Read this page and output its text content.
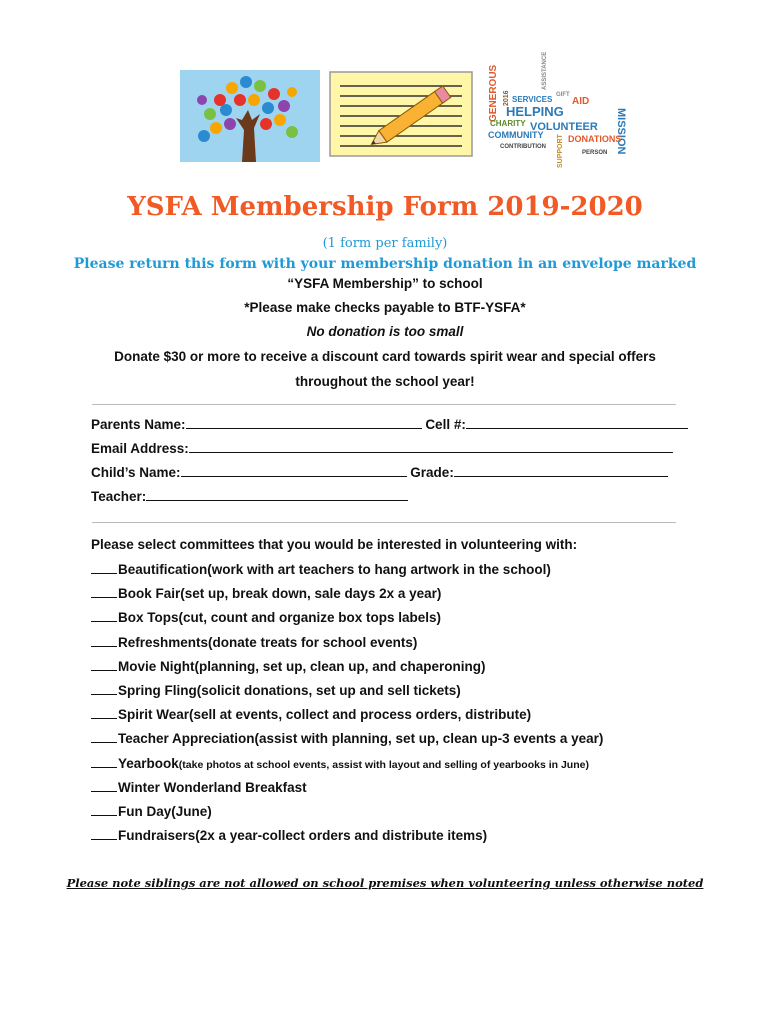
GENEROUS SERVICES
HELPING
AID
MISSION
CHARITY VOLUNTEER
COMMUNITY	DONATIONS
2016
ASSISTANCE
GIFT
PERSON
CONTRIBUTION SUPPORT
YSFA Membership Form 2019-2020
(1 form per family)
Please return this form with your membership donation in an envelope marked
“YSFA Membership” to school
*Please make checks payable to BTF-YSFA*
No donation is too small
Donate $30 or more to receive a discount card towards spirit wear and special offers
throughout the school year!
Parents Name:	Cell #:
Email Address:
Child’s Name:	Grade:
Teacher:
Please select committees that you would be interested in volunteering with:
Beautification(work with art teachers to hang artwork in the school)
Book Fair(set up, break down, sale days 2x a year)
Box Tops(cut, count and organize box tops labels)
Refreshments(donate treats for school events)
Movie Night(planning, set up, clean up, and chaperoning)
Spring Fling(solicit donations, set up and sell tickets)
Spirit Wear(sell at events, collect and process orders, distribute)
Teacher Appreciation(assist with planning, set up, clean up-3 events a year)
Yearbook (take photos at school events, assist with layout and selling of yearbooks in June)
Winter Wonderland Breakfast
Fun Day(June)
Fundraisers(2x a year-collect orders and distribute items)
Please note siblings are not allowed on school premises when volunteering unless otherwise noted
